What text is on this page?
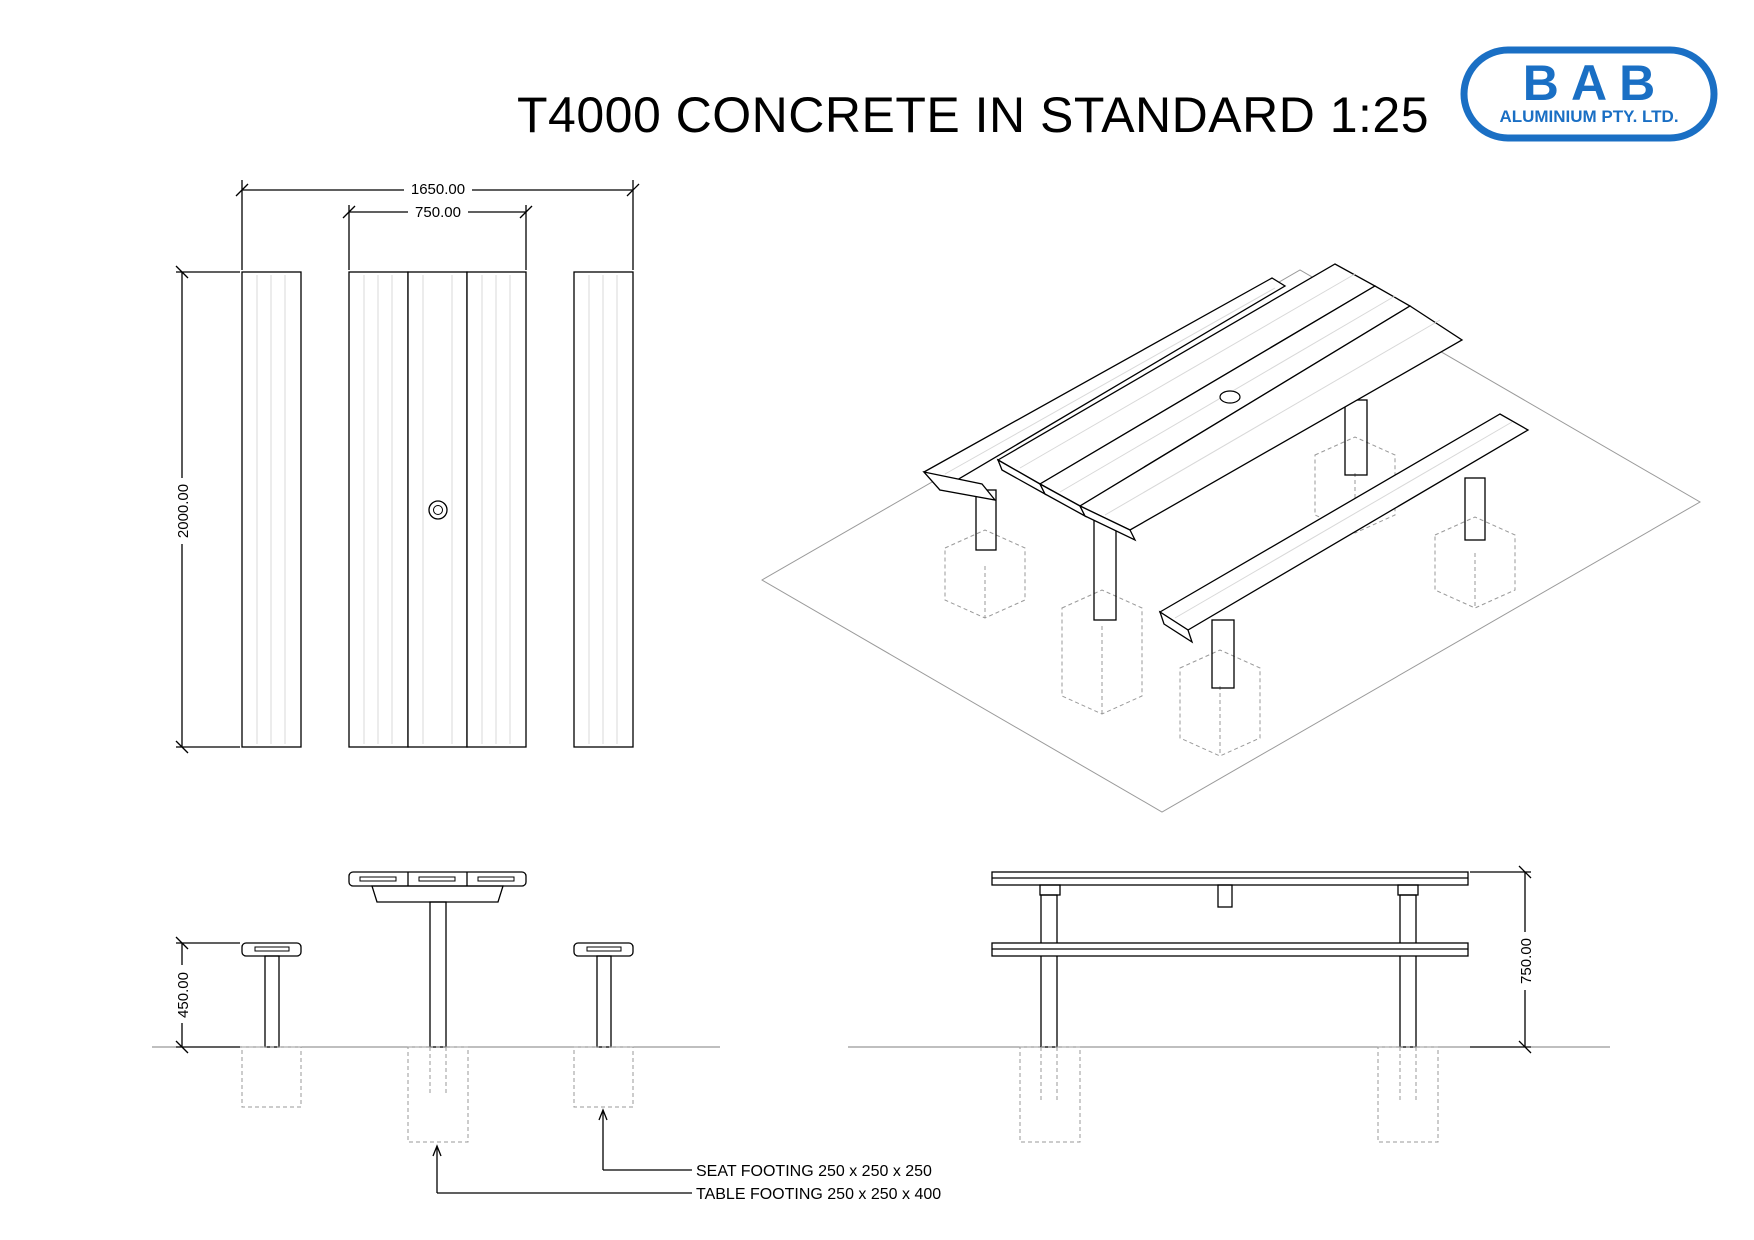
T4000 CONCRETE IN STANDARD 1:25
B A B
ALUMINIUM PTY. LTD.
1650.00
750.00
2000.00
450.00
SEAT FOOTING 250 x 250 x 250
TABLE FOOTING 250 x 250 x 400
750.00
